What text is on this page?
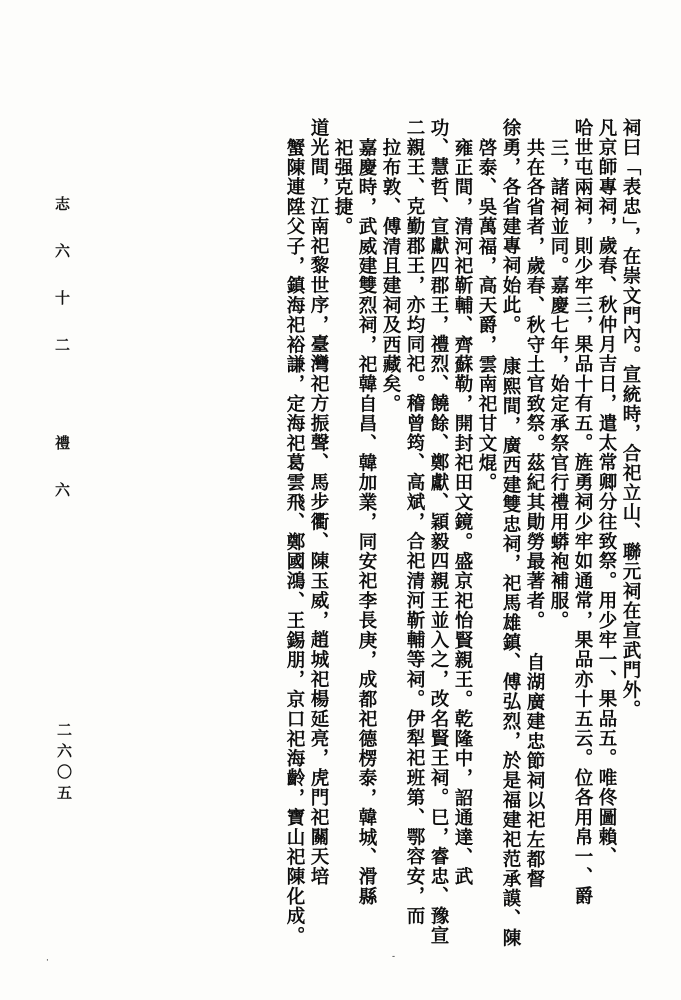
志 六 十 二  禮 六
二六〇五	蟹陳連陞父子，鎮海祀裕謙，定海祀葛雲飛、鄭國鴻、王錫朋，京口祀海齡，寶山祀陳化成。 道光間，江南祀黎世序，臺灣祀方振聲、馬步衢、陳玉威，趙城祀楊延亮，虎門祀關天培 祀强克捷。 嘉慶時，武威建雙烈祠，祀韓自昌、韓加業，同安祀李長庚，成都祀德楞泰，韓城、滑縣 拉布敦、傅清且建祠及西藏矣。 二親王、克勤郡王，亦均同祀。稽曾筠、高斌，合祀清河靳輔等祠。伊犁祀班第、鄂容安，而 功、慧哲、宣獻四郡王，禮烈、饒餘、鄭獻、穎毅四親王並入之，改名賢王祠。巳，睿忠、豫宣 雍正間，清河祀靳輔、齊蘇勒，開封祀田文鏡。盛京祀怡賢親王。乾隆中，詔通達、武 啓泰、吳萬福，高天爵，雲南祀甘文焜。 徐勇，各省建專祠始此。 康熙間，廣西建雙忠祠，祀馬雄鎮、傅弘烈，於是福建祀范承謨、陳 共在各省者，歲春、秋守土官致祭。茲紀其勛勞最著者。 自湖廣建忠節祠以祀左都督 三，諸祠並同。嘉慶七年，始定承祭官行禮用蟒袍補服。 哈世屯兩祠，則少牢三，果品十有五。旌勇祠少牢如通常，果品亦十五云。位各用帛一、爵 凡京師專祠，歲春、秋仲月吉日，遣太常卿分往致祭。用少牢一、果品五。唯佟圖賴、 祠曰「表忠」，在崇文門內。宣統時，合祀立山、聯元祠在宣武門外。
·	-
